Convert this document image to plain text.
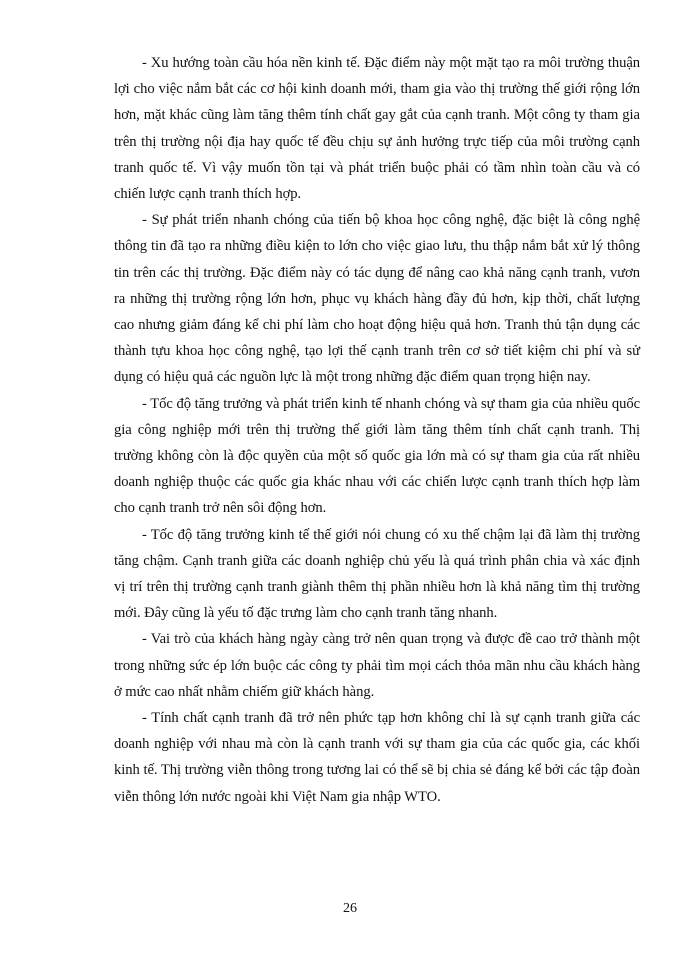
- Xu hướng toàn cầu hóa nền kinh tế. Đặc điểm này một mặt tạo ra môi trường thuận lợi cho việc nắm bắt các cơ hội kinh doanh mới, tham gia vào thị trường thế giới rộng lớn hơn, mặt khác cũng làm tăng thêm tính chất gay gắt của cạnh tranh. Một công ty tham gia trên thị trường nội địa hay quốc tế đều chịu sự ảnh hưởng trực tiếp của môi trường cạnh tranh quốc tế. Vì vậy muốn tồn tại và phát triển buộc phải có tầm nhìn toàn cầu và có chiến lược cạnh tranh thích hợp.

- Sự phát triển nhanh chóng của tiến bộ khoa học công nghệ, đặc biệt là công nghệ thông tin đã tạo ra những điều kiện to lớn cho việc giao lưu, thu thập nắm bắt xử lý thông tin trên các thị trường. Đặc điểm này có tác dụng để nâng cao khả năng cạnh tranh, vươn ra những thị trường rộng lớn hơn, phục vụ khách hàng đầy đủ hơn, kịp thời, chất lượng cao nhưng giảm đáng kể chi phí làm cho hoạt động hiệu quả hơn. Tranh thủ tận dụng các thành tựu khoa học công nghệ, tạo lợi thế cạnh tranh trên cơ sở tiết kiệm chi phí và sử dụng có hiệu quả các nguồn lực là một trong những đặc điểm quan trọng hiện nay.

- Tốc độ tăng trưởng và phát triển kinh tế nhanh chóng và sự tham gia của nhiều quốc gia công nghiệp mới trên thị trường thế giới làm tăng thêm tính chất cạnh tranh. Thị trường không còn là độc quyền của một số quốc gia lớn mà có sự tham gia của rất nhiều doanh nghiệp thuộc các quốc gia khác nhau với các chiến lược cạnh tranh thích hợp làm cho cạnh tranh trở nên sôi động hơn.

- Tốc độ tăng trưởng kinh tế thế giới nói chung có xu thế chậm lại đã làm thị trường tăng chậm. Cạnh tranh giữa các doanh nghiệp chủ yếu là quá trình phân chia và xác định vị trí trên thị trường cạnh tranh giành thêm thị phần nhiều hơn là khả năng tìm thị trường mới. Đây cũng là yếu tố đặc trưng làm cho cạnh tranh tăng nhanh.

- Vai trò của khách hàng ngày càng trở nên quan trọng và được đề cao trở thành một trong những sức ép lớn buộc các công ty phải tìm mọi cách thỏa mãn nhu cầu khách hàng ở mức cao nhất nhằm chiếm giữ khách hàng.

- Tính chất cạnh tranh đã trở nên phức tạp hơn không chỉ là sự cạnh tranh giữa các doanh nghiệp với nhau mà còn là cạnh tranh với sự tham gia của các quốc gia, các khối kinh tế. Thị trường viễn thông trong tương lai có thể sẽ bị chia sẻ đáng kể bởi các tập đoàn viễn thông lớn nước ngoài khi Việt Nam gia nhập WTO.

26
